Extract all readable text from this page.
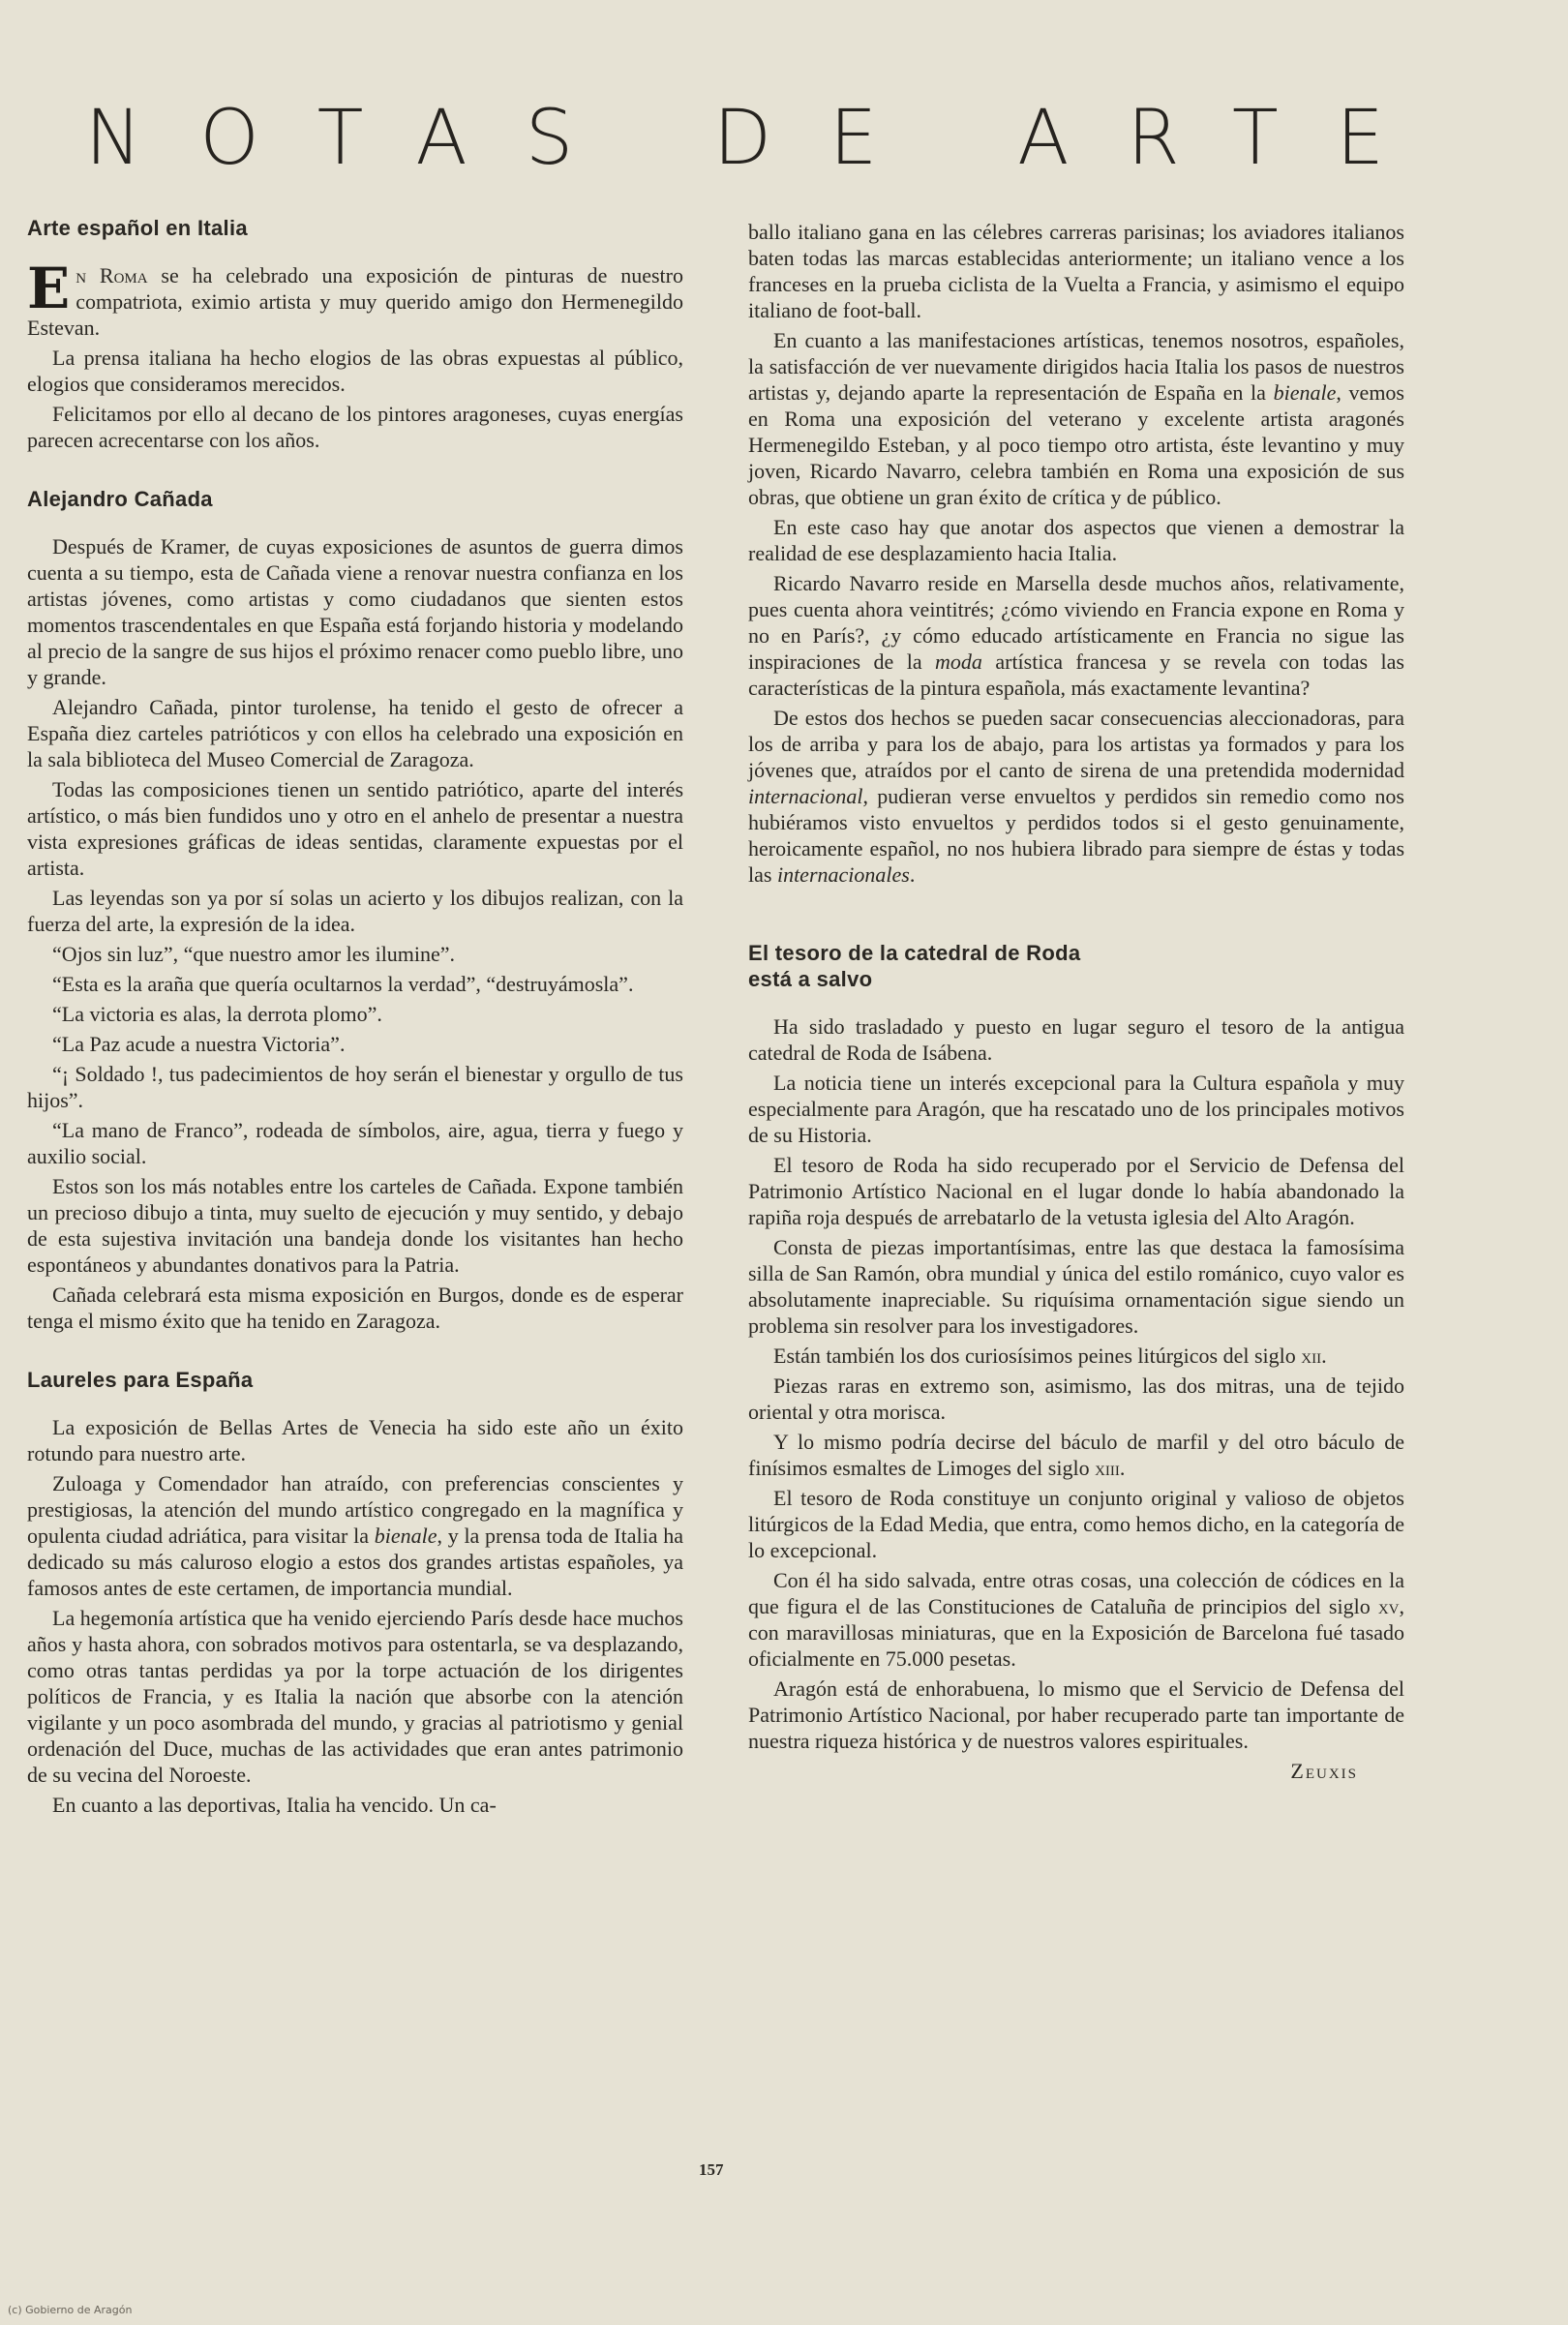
NOTAS DE ARTE
Arte español en Italia

En Roma se ha celebrado una exposición de pinturas de nuestro compatriota, eximio artista y muy querido amigo don Hermenegildo Estevan.

La prensa italiana ha hecho elogios de las obras expuestas al público, elogios que consideramos merecidos.

Felicitamos por ello al decano de los pintores aragoneses, cuyas energías parecen acrecentarse con los años.

Alejandro Cañada

Después de Kramer, de cuyas exposiciones de asuntos de guerra dimos cuenta a su tiempo, esta de Cañada viene a renovar nuestra confianza en los artistas jóvenes, como artistas y como ciudadanos que sienten estos momentos trascendentales en que España está forjando historia y modelando al precio de la sangre de sus hijos el próximo renacer como pueblo libre, uno y grande.

Alejandro Cañada, pintor turolense, ha tenido el gesto de ofrecer a España diez carteles patrióticos y con ellos ha celebrado una exposición en la sala biblioteca del Museo Comercial de Zaragoza.

Todas las composiciones tienen un sentido patriótico, aparte del interés artístico, o más bien fundidos uno y otro en el anhelo de presentar a nuestra vista expresiones gráficas de ideas sentidas, claramente expuestas por el artista.

Las leyendas son ya por sí solas un acierto y los dibujos realizan, con la fuerza del arte, la expresión de la idea.

“Ojos sin luz”, “que nuestro amor les ilumine”.

“Esta es la araña que quería ocultarnos la verdad”, “destruyámosla”.

“La victoria es alas, la derrota plomo”.

“La Paz acude a nuestra Victoria”.

“¡ Soldado !, tus padecimientos de hoy serán el bienestar y orgullo de tus hijos”.

“La mano de Franco”, rodeada de símbolos, aire, agua, tierra y fuego y auxilio social.

Estos son los más notables entre los carteles de Cañada. Expone también un precioso dibujo a tinta, muy suelto de ejecución y muy sentido, y debajo de esta sujestiva invitación una bandeja donde los visitantes han hecho espontáneos y abundantes donativos para la Patria.

Cañada celebrará esta misma exposición en Burgos, donde es de esperar tenga el mismo éxito que ha tenido en Zaragoza.

Laureles para España

La exposición de Bellas Artes de Venecia ha sido este año un éxito rotundo para nuestro arte.

Zuloaga y Comendador han atraído, con preferencias conscientes y prestigiosas, la atención del mundo artístico congregado en la magnífica y opulenta ciudad adriática, para visitar la bienale, y la prensa toda de Italia ha dedicado su más caluroso elogio a estos dos grandes artistas españoles, ya famosos antes de este certamen, de importancia mundial.

La hegemonía artística que ha venido ejerciendo París desde hace muchos años y hasta ahora, con sobrados motivos para ostentarla, se va desplazando, como otras tantas perdidas ya por la torpe actuación de los dirigentes políticos de Francia, y es Italia la nación que absorbe con la atención vigilante y un poco asombrada del mundo, y gracias al patriotismo y genial ordenación del Duce, muchas de las actividades que eran antes patrimonio de su vecina del Noroeste.

En cuanto a las deportivas, Italia ha vencido. Un ca-

ballo italiano gana en las célebres carreras parisinas; los aviadores italianos baten todas las marcas establecidas anteriormente; un italiano vence a los franceses en la prueba ciclista de la Vuelta a Francia, y asimismo el equipo italiano de foot-ball.

En cuanto a las manifestaciones artísticas, tenemos nosotros, españoles, la satisfacción de ver nuevamente dirigidos hacia Italia los pasos de nuestros artistas y, dejando aparte la representación de España en la bienale, vemos en Roma una exposición del veterano y excelente artista aragonés Hermenegildo Esteban, y al poco tiempo otro artista, éste levantino y muy joven, Ricardo Navarro, celebra también en Roma una exposición de sus obras, que obtiene un gran éxito de crítica y de público.

En este caso hay que anotar dos aspectos que vienen a demostrar la realidad de ese desplazamiento hacia Italia.

Ricardo Navarro reside en Marsella desde muchos años, relativamente, pues cuenta ahora veintitrés; ¿cómo viviendo en Francia expone en Roma y no en París?, ¿y cómo educado artísticamente en Francia no sigue las inspiraciones de la moda artística francesa y se revela con todas las características de la pintura española, más exactamente levantina?

De estos dos hechos se pueden sacar consecuencias aleccionadoras, para los de arriba y para los de abajo, para los artistas ya formados y para los jóvenes que, atraídos por el canto de sirena de una pretendida modernidad internacional, pudieran verse envueltos y perdidos sin remedio como nos hubiéramos visto envueltos y perdidos todos si el gesto genuinamente, heroicamente español, no nos hubiera librado para siempre de éstas y todas las internacionales.

El tesoro de la catedral de Roda
está a salvo

Ha sido trasladado y puesto en lugar seguro el tesoro de la antigua catedral de Roda de Isábena.

La noticia tiene un interés excepcional para la Cultura española y muy especialmente para Aragón, que ha rescatado uno de los principales motivos de su Historia.

El tesoro de Roda ha sido recuperado por el Servicio de Defensa del Patrimonio Artístico Nacional en el lugar donde lo había abandonado la rapiña roja después de arrebatarlo de la vetusta iglesia del Alto Aragón.

Consta de piezas importantísimas, entre las que destaca la famosísima silla de San Ramón, obra mundial y única del estilo románico, cuyo valor es absolutamente inapreciable. Su riquísima ornamentación sigue siendo un problema sin resolver para los investigadores.

Están también los dos curiosísimos peines litúrgicos del siglo xii.

Piezas raras en extremo son, asimismo, las dos mitras, una de tejido oriental y otra morisca.

Y lo mismo podría decirse del báculo de marfil y del otro báculo de finísimos esmaltes de Limoges del siglo xiii.

El tesoro de Roda constituye un conjunto original y valioso de objetos litúrgicos de la Edad Media, que entra, como hemos dicho, en la categoría de lo excepcional.

Con él ha sido salvada, entre otras cosas, una colección de códices en la que figura el de las Constituciones de Cataluña de principios del siglo xv, con maravillosas miniaturas, que en la Exposición de Barcelona fué tasado oficialmente en 75.000 pesetas.

Aragón está de enhorabuena, lo mismo que el Servicio de Defensa del Patrimonio Artístico Nacional, por haber recuperado parte tan importante de nuestra riqueza histórica y de nuestros valores espirituales.

Zeuxis
157
(c) Gobierno de Aragón
